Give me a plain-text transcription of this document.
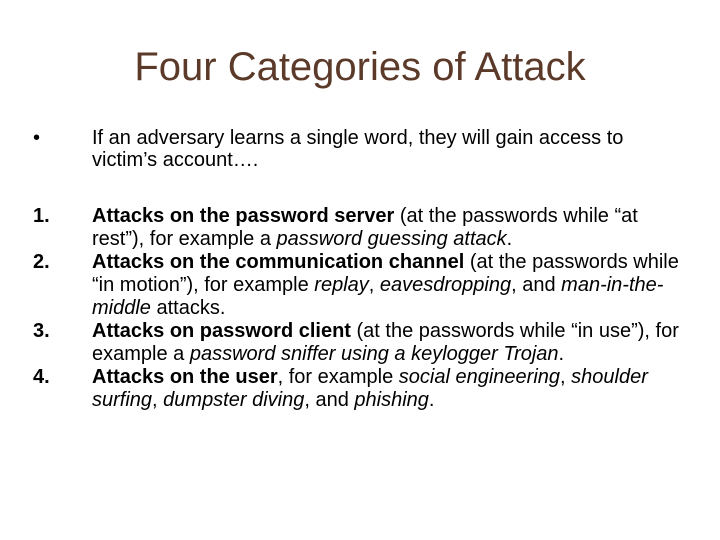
Four Categories of Attack
•	If an adversary learns a single word, they will gain access to victim’s account….
1. Attacks on the password server (at the passwords while “at rest”), for example a password guessing attack.
2. Attacks on the communication channel (at the passwords while “in motion”), for example replay, eavesdropping, and man-in-the-middle attacks.
3. Attacks on password client (at the passwords while “in use”), for example a password sniffer using a keylogger Trojan.
4. Attacks on the user, for example social engineering, shoulder surfing, dumpster diving, and phishing.
